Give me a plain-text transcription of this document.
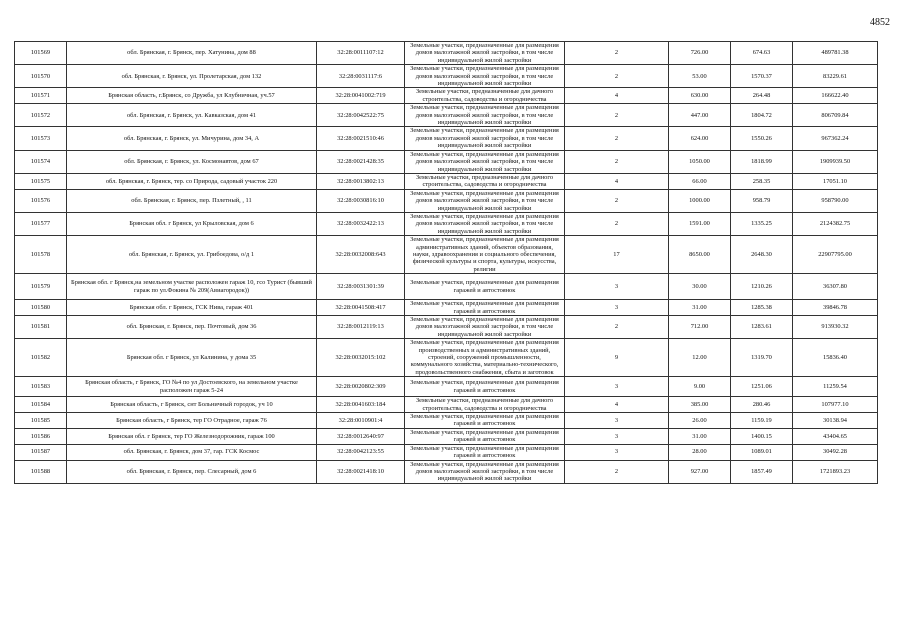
4852
101569	обл. Брянская, г. Брянск, пер. Хатунина, дом 88	32:28:0011107:12	Земельные участки, предназначенные для размещения домов малоэтажной жилой застройки, в том числе индивидуальной жилой застройки	2	726.00	674.63	489781.38
101570	обл. Брянская, г. Брянск, ул. Пролетарская, дом 132	32:28:0031117:6	Земельные участки, предназначенные для размещения домов малоэтажной жилой застройки, в том числе индивидуальной жилой застройки	2	53.00	1570.37	83229.61
101571	Брянская область, г.Брянск, со Дружба, ул Клубничная, уч.57	32:28:0041002:719	Земельные участки, предназначенные для дачного строительства, садоводства и огородничества	4	630.00	264.48	166622.40
101572	обл. Брянская, г. Брянск, ул. Кавказская, дом 41	32:28:0042522:75	Земельные участки, предназначенные для размещения домов малоэтажной жилой застройки, в том числе индивидуальной жилой застройки	2	447.00	1804.72	806709.84
101573	обл. Брянская, г. Брянск, ул. Мичурина, дом 34, А	32:28:0021510:46	Земельные участки, предназначенные для размещения домов малоэтажной жилой застройки, в том числе индивидуальной жилой застройки	2	624.00	1550.26	967362.24
101574	обл. Брянская, г. Брянск, ул. Космонавтов, дом 67	32:28:0021428:35	Земельные участки, предназначенные для размещения домов малоэтажной жилой застройки, в том числе индивидуальной жилой застройки	2	1050.00	1818.99	1909939.50
101575	обл. Брянская, г. Брянск, тер. со Природа, садовый участок 220	32:28:0013802:13	Земельные участки, предназначенные для дачного строительства, садоводства и огородничества	4	66.00	258.35	17051.10
101576	обл. Брянская, г. Брянск, пер. Пзлетный, , 11	32:28:0030816:10	Земельные участки, предназначенные для размещения домов малоэтажной жилой застройки, в том числе индивидуальной жилой застройки	2	1000.00	958.79	958790.00
101577	Брянская обл. г Брянск, ул Крыловская, дом 6	32:28:0032422:13	Земельные участки, предназначенные для размещения домов малоэтажной жилой застройки, в том числе индивидуальной жилой застройки	2	1591.00	1335.25	2124382.75
101578	обл. Брянская, г. Брянск, ул. Грибоедова, о/д 1	32:28:0032008:643	Земельные участки, предназначенные для размещения административных зданий, объектов образования, науки, здравоохранения и социального обеспечения, физической культуры и спорта, культуры, искусства, религии	17	8650.00	2648.30	22907795.00
101579	Брянская обл. г Брянск,на земельном участке расположен гараж 10, гсо Турист (бывший гараж по ул.Фокина № 209(Авиагородок))	32:28:0031301:39	Земельные участки, предназначенные для размещения гаражей и автостоянок	3	30.00	1210.26	36307.80
101580	Брянская обл. г Брянск, ГСК Нива, гараж 401	32:28:0041508:417	Земельные участки, предназначенные для размещения гаражей и автостоянок	3	31.00	1285.38	39846.78
101581	обл. Брянская, г. Брянск, пер. Почтовый, дом 36	32:28:0012119:13	Земельные участки, предназначенные для размещения домов малоэтажной жилой застройки, в том числе индивидуальной жилой застройки	2	712.00	1283.61	913930.32
101582	Брянская обл. г Брянск, ул Калинина, у дома 35	32:28:0032015:102	Земельные участки, предназначенные для размещения производственных и административных зданий, строений, сооружений промышленности, коммунального хозяйства, материально-технического, продовольственного снабжения, сбыта и заготовок	9	12.00	1319.70	15836.40
101583	Брянская область, г Брянск, ГО №4 по ул Достоевского, на земельном участке расположен гараж 5-24	32:28:0020802:309	Земельные участки, предназначенные для размещения гаражей и автостоянок	3	9.00	1251.06	11259.54
101584	Брянская область, г Брянск, снт Больничный городок, уч 10	32:28:0041603:184	Земельные участки, предназначенные для дачного строительства, садоводства и огородничества	4	385.00	280.46	107977.10
101585	Брянская область, г Брянск, тер ГО Отрадное, гараж 76	32:28:0010901:4	Земельные участки, предназначенные для размещения гаражей и автостоянок	3	26.00	1159.19	30138.94
101586	Брянская обл. г Брянск, тер ГО Железнодорожник, гараж 100	32:28:0012640:97	Земельные участки, предназначенные для размещения гаражей и автостоянок	3	31.00	1400.15	43404.65
101587	обл. Брянская, г. Брянск, дом 37, гар. ГСК Космос	32:28:0042123:55	Земельные участки, предназначенные для размещения гаражей и автостоянок	3	28.00	1089.01	30492.28
101588	обл. Брянская, г. Брянск, пер. Слесарный, дом 6	32:28:0021418:10	Земельные участки, предназначенные для размещения домов малоэтажной жилой застройки, в том числе индивидуальной жилой застройки	2	927.00	1857.49	1721893.23
